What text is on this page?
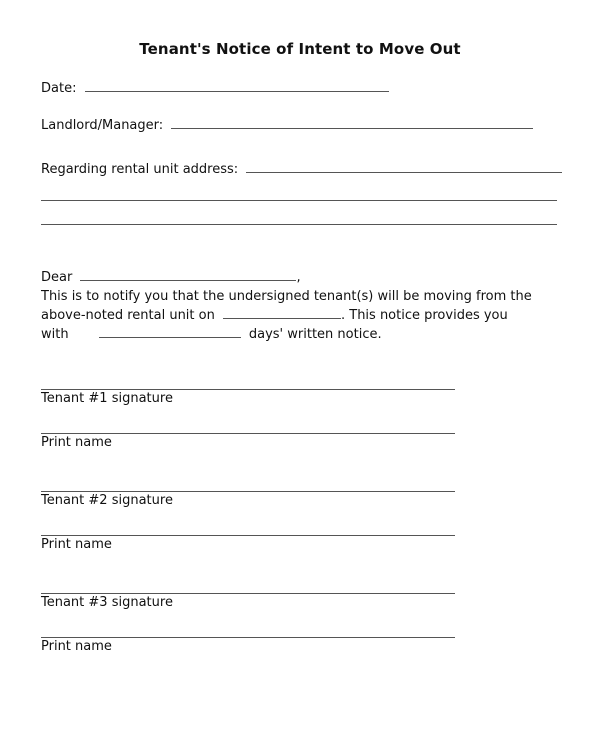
Tenant's Notice of Intent to Move Out
Date:
Landlord/Manager:
Regarding rental unit address:
Dear	,
This is to notify you that the undersigned tenant(s) will be moving from the
above-noted rental unit on	. This notice provides you
with	days' written notice.
Tenant #1 signature
Print name
Tenant #2 signature
Print name
Tenant #3 signature
Print name
